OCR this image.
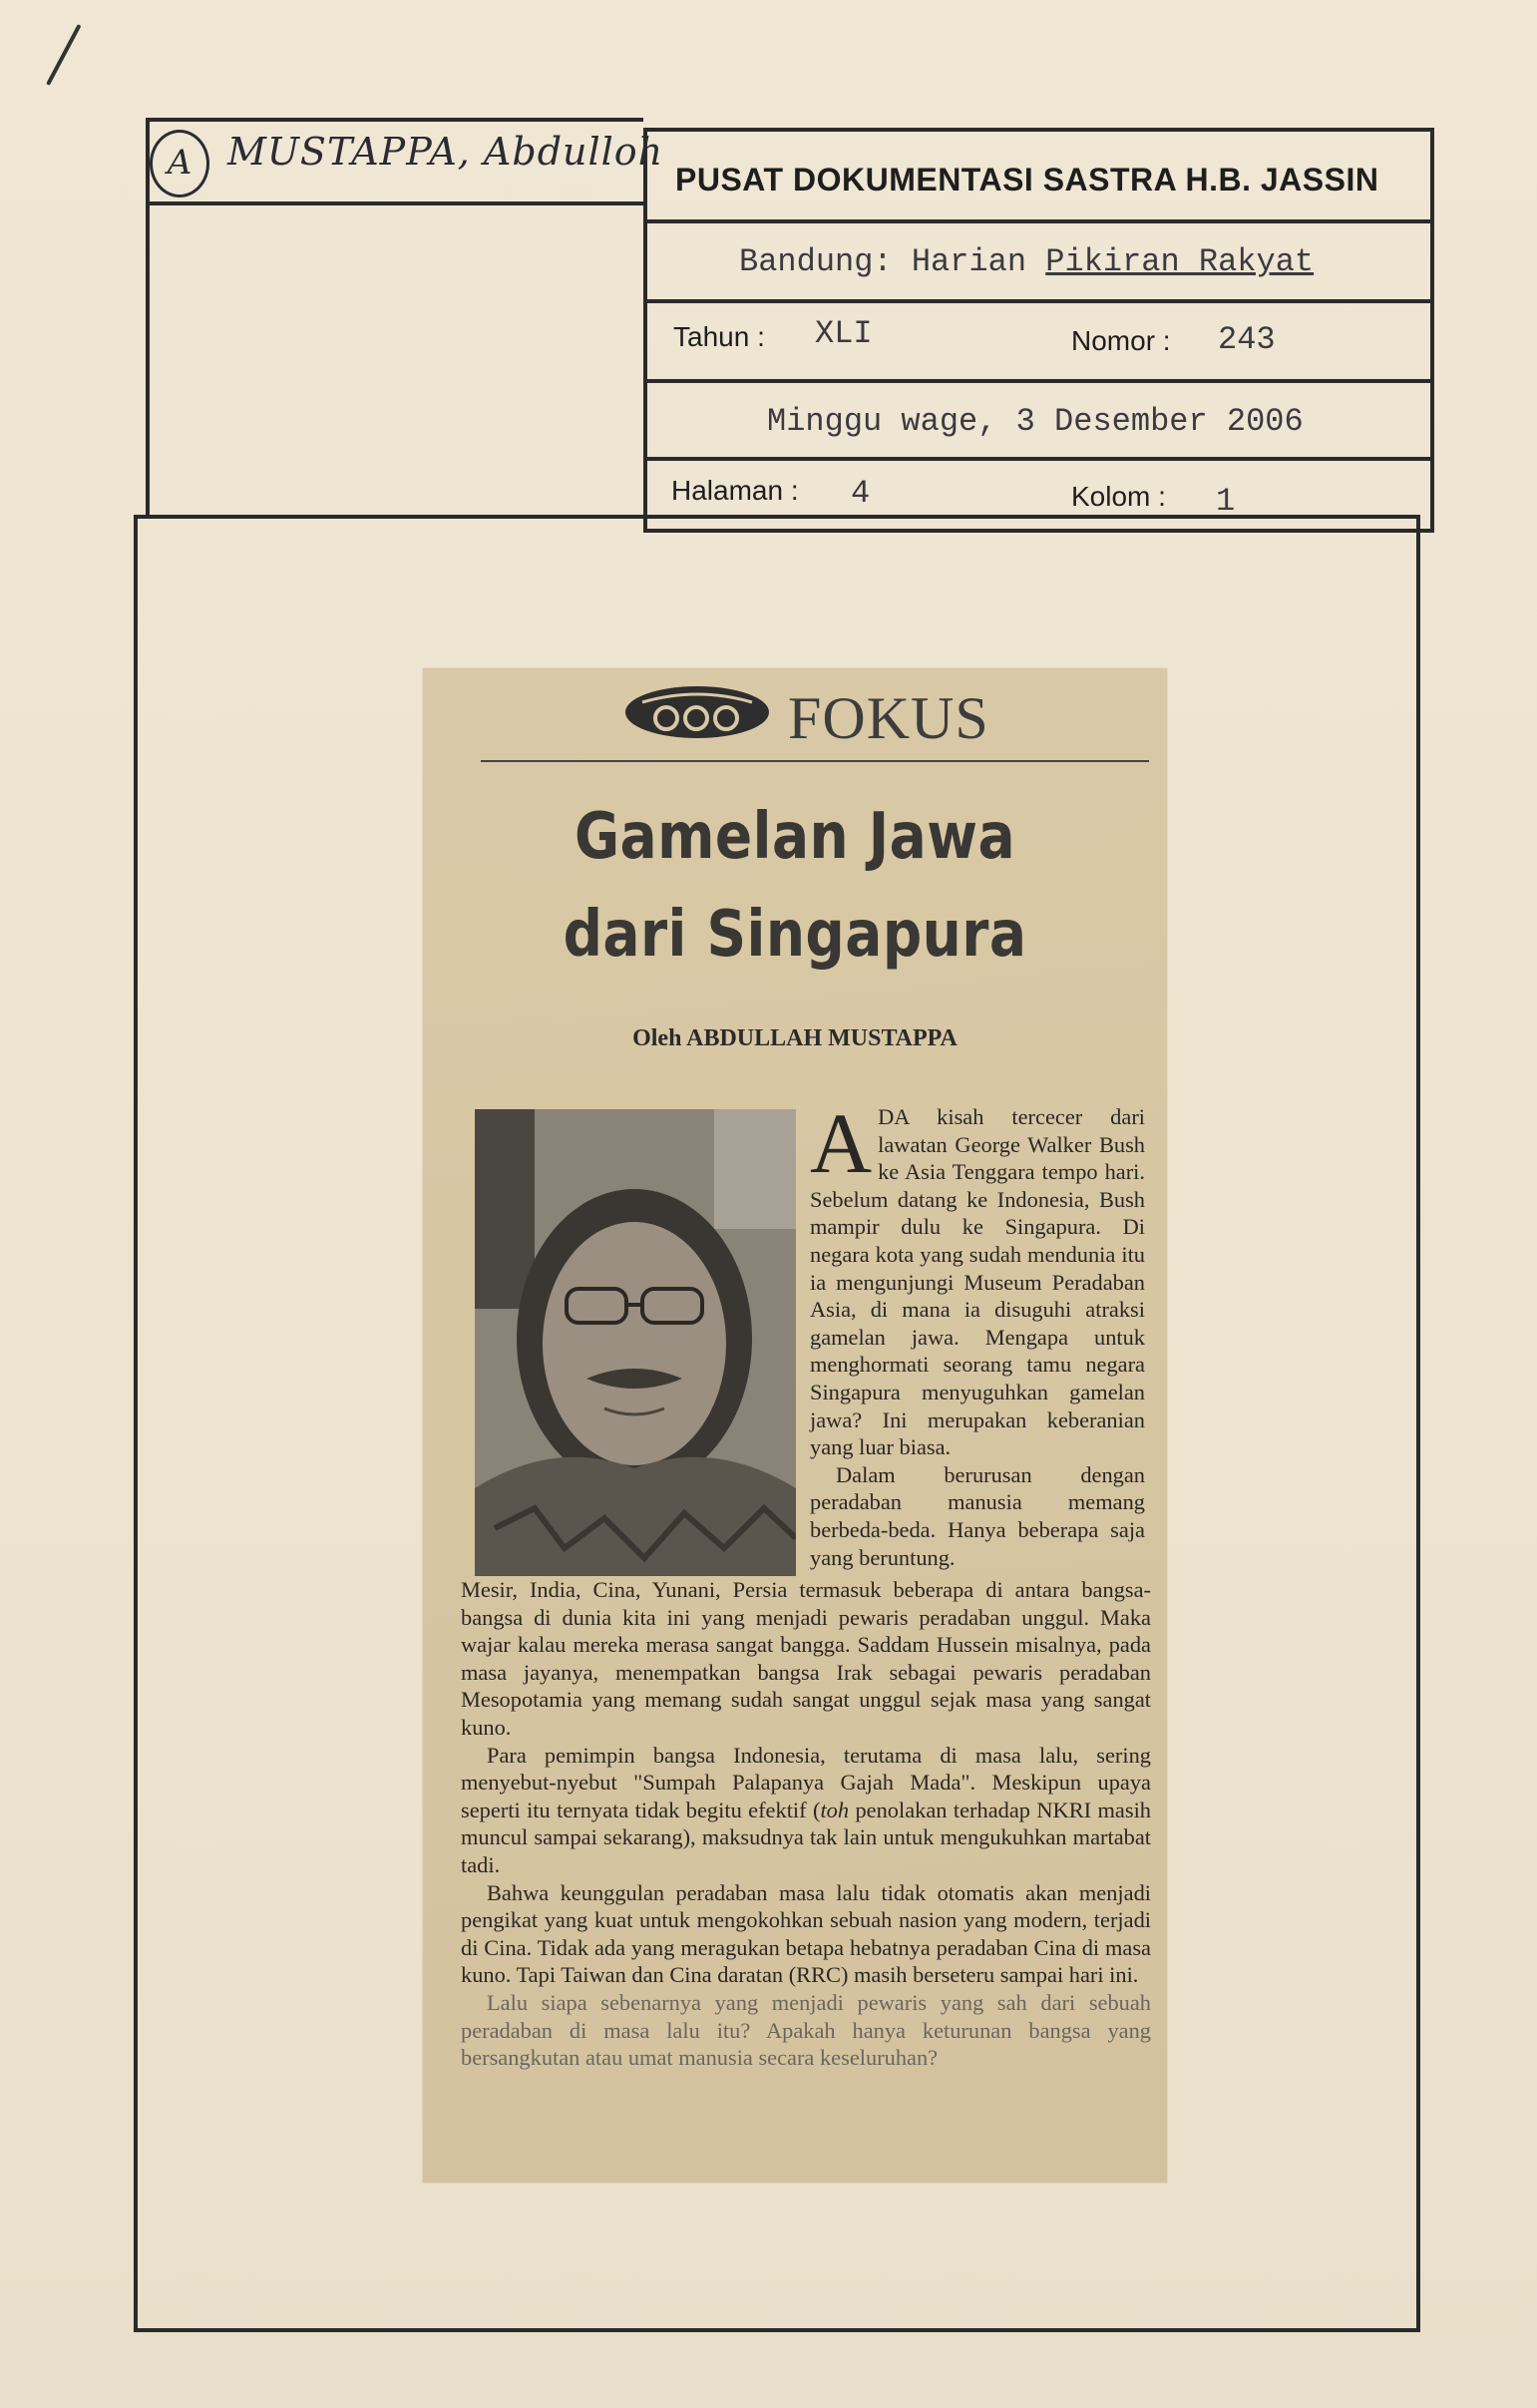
A MUSTAPPA, Abdulloh
PUSAT DOKUMENTASI SASTRA H.B. JASSIN
Bandung: Harian Pikiran Rakyat
Tahun : XLI	Nomor : 243
Minggu wage, 3 Desember 2006
Halaman : 4	Kolom : 1
FOKUS
Gamelan Jawa
dari Singapura
Oleh ABDULLAH MUSTAPPA

ADA kisah tercecer dari lawatan George Walker Bush ke Asia Tenggara tempo hari. Sebelum datang ke Indonesia, Bush mampir dulu ke Singapura. Di negara kota yang sudah mendunia itu ia mengunjungi Museum Peradaban Asia, di mana ia disuguhi atraksi gamelan jawa. Mengapa untuk menghormati seorang tamu negara Singapura menyuguhkan gamelan jawa? Ini merupakan keberanian yang luar biasa.

Dalam berurusan dengan peradaban manusia memang berbeda-beda. Hanya beberapa saja yang beruntung.

Mesir, India, Cina, Yunani, Persia termasuk beberapa di antara bangsa-bangsa di dunia kita ini yang menjadi pewaris peradaban unggul. Maka wajar kalau mereka merasa sangat bangga. Saddam Hussein misalnya, pada masa jayanya, menempatkan bangsa Irak sebagai pewaris peradaban Mesopotamia yang memang sudah sangat unggul sejak masa yang sangat kuno.

Para pemimpin bangsa Indonesia, terutama di masa lalu, sering menyebut-nyebut "Sumpah Palapanya Gajah Mada". Meskipun upaya seperti itu ternyata tidak begitu efektif (toh penolakan terhadap NKRI masih muncul sampai sekarang), maksudnya tak lain untuk mengukuhkan martabat tadi.

Bahwa keunggulan peradaban masa lalu tidak otomatis akan menjadi pengikat yang kuat untuk mengokohkan sebuah nasion yang modern, terjadi di Cina. Tidak ada yang meragukan betapa hebatnya peradaban Cina di masa kuno. Tapi Taiwan dan Cina daratan (RRC) masih berseteru sampai hari ini.

Lalu siapa sebenarnya yang menjadi pewaris yang sah dari sebuah peradaban di masa lalu itu? Apakah hanya keturunan bangsa yang bersangkutan atau umat manusia secara keseluruhan?
